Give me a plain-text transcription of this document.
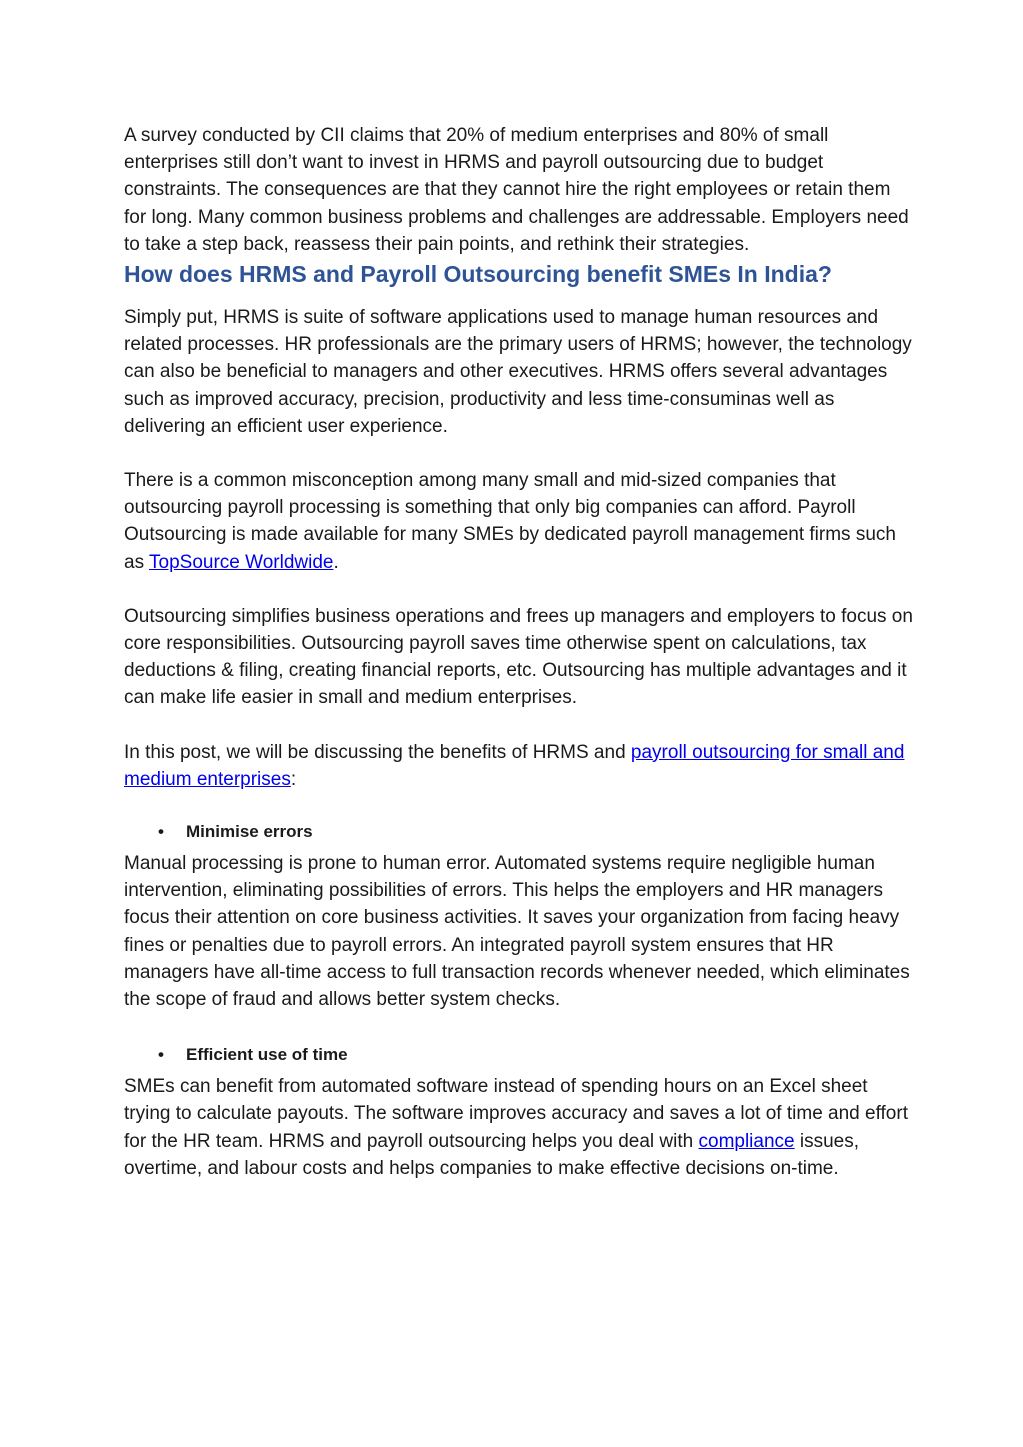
A survey conducted by CII claims that 20% of medium enterprises and 80% of small enterprises still don’t want to invest in HRMS and payroll outsourcing due to budget constraints. The consequences are that they cannot hire the right employees or retain them for long. Many common business problems and challenges are addressable. Employers need to take a step back, reassess their pain points, and rethink their strategies.

How does HRMS and Payroll Outsourcing benefit SMEs In India?

Simply put, HRMS is suite of software applications used to manage human resources and related processes. HR professionals are the primary users of HRMS; however, the technology can also be beneficial to managers and other executives. HRMS offers several advantages such as improved accuracy, precision, productivity and less time-consuminas well as delivering an efficient user experience.

There is a common misconception among many small and mid-sized companies that outsourcing payroll processing is something that only big companies can afford. Payroll Outsourcing is made available for many SMEs by dedicated payroll management firms such as TopSource Worldwide.

Outsourcing simplifies business operations and frees up managers and employers to focus on core responsibilities. Outsourcing payroll saves time otherwise spent on calculations, tax deductions & filing, creating financial reports, etc. Outsourcing has multiple advantages and it can make life easier in small and medium enterprises.

In this post, we will be discussing the benefits of HRMS and payroll outsourcing for small and medium enterprises:

• Minimise errors

Manual processing is prone to human error. Automated systems require negligible human intervention, eliminating possibilities of errors. This helps the employers and HR managers focus their attention on core business activities. It saves your organization from facing heavy fines or penalties due to payroll errors. An integrated payroll system ensures that HR managers have all-time access to full transaction records whenever needed, which eliminates the scope of fraud and allows better system checks.

• Efficient use of time

SMEs can benefit from automated software instead of spending hours on an Excel sheet trying to calculate payouts. The software improves accuracy and saves a lot of time and effort for the HR team. HRMS and payroll outsourcing helps you deal with compliance issues, overtime, and labour costs and helps companies to make effective decisions on-time.
